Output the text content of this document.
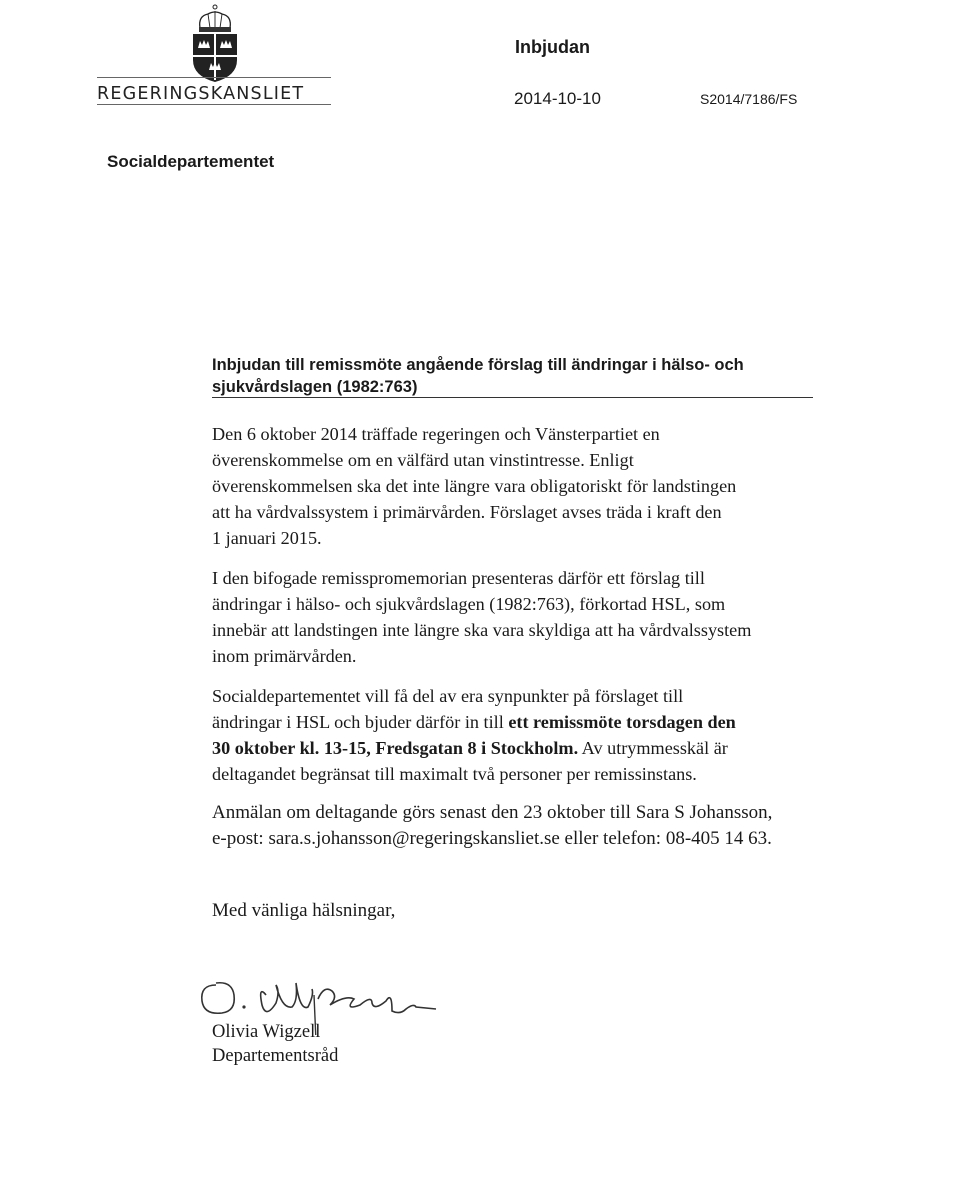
REGERINGSKANSLIET
Inbjudan
2014-10-10	S2014/7186/FS
Socialdepartementet
Inbjudan till remissmöte angående förslag till ändringar i hälso- och
sjukvårdslagen (1982:763)
Den 6 oktober 2014 träffade regeringen och Vänsterpartiet en
överenskommelse om en välfärd utan vinstintresse. Enligt
överenskommelsen ska det inte längre vara obligatoriskt för landstingen
att ha vårdvalssystem i primärvården. Förslaget avses träda i kraft den
1 januari 2015.
I den bifogade remisspromemorian presenteras därför ett förslag till
ändringar i hälso- och sjukvårdslagen (1982:763), förkortad HSL, som
innebär att landstingen inte längre ska vara skyldiga att ha vårdvalssystem
inom primärvården.
Socialdepartementet vill få del av era synpunkter på förslaget till
ändringar i HSL och bjuder därför in till ett remissmöte torsdagen den
30 oktober kl. 13-15, Fredsgatan 8 i Stockholm. Av utrymmesskäl är
deltagandet begränsat till maximalt två personer per remissinstans.
Anmälan om deltagande görs senast den 23 oktober till Sara S Johansson,
e-post: sara.s.johansson@regeringskansliet.se eller telefon: 08-405 14 63.
Med vänliga hälsningar,
Olivia Wigzell
Departementsråd
